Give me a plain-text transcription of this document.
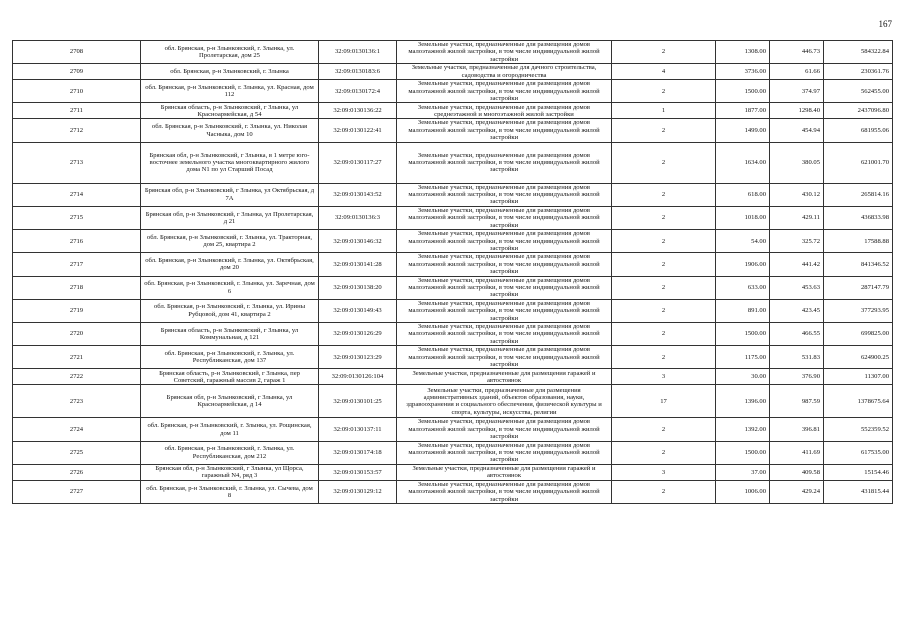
167
2708	обл. Брянская, р-н Злынковский, г. Злынка, ул. Пролетарская, дом 25	32:09:0130136:1	Земельные участки, предназначенные для размещения домов малоэтажной жилой застройки, в том числе индивидуальной жилой застройки	2	1308.00	446.73	584322.84
2709	обл. Брянская, р-н Злынковский, г. Злынка	32:09:0130183:6	Земельные участки, предназначенные для дачного строительства, садоводства и огородничества	4	3736.00	61.66	230361.76
2710	обл. Брянская, р-н Злынковский, г. Злынка, ул. Красная, дом 112	32:09:0130172:4	Земельные участки, предназначенные для размещения домов малоэтажной жилой застройки, в том числе индивидуальной жилой застройки	2	1500.00	374.97	562455.00
2711	Брянская область, р-н Злынковский, г Злынка, ул Красноармейская, д 54	32:09:0130136:22	Земельные участки, предназначенные для размещения домов среднеэтажной и многоэтажной жилой застройки	1	1877.00	1298.40	2437096.80
2712	обл. Брянская, р-н Злынковский, г. Злынка, ул. Николая Часныка, дом 10	32:09:0130122:41	Земельные участки, предназначенные для размещения домов малоэтажной жилой застройки, в том числе индивидуальной жилой застройки	2	1499.00	454.94	681955.06
2713	Брянская обл, р-н Злынковский, г Злынка, в 1 метре юго-восточнее земельного участка многоквартирного жилого дома N1 по ул Старший Посад	32:09:0130117:27	Земельные участки, предназначенные для размещения домов малоэтажной жилой застройки, в том числе индивидуальной жилой застройки	2	1634.00	380.05	621001.70
2714	Брянская обл, р-н Злынковский, г Злынка, ул Октябрьская, д 7А	32:09:0130143:52	Земельные участки, предназначенные для размещения домов малоэтажной жилой застройки, в том числе индивидуальной жилой застройки	2	618.00	430.12	265814.16
2715	Брянская обл, р-н Злынковский, г Злынка, ул Пролетарская, д 21	32:09:0130136:3	Земельные участки, предназначенные для размещения домов малоэтажной жилой застройки, в том числе индивидуальной жилой застройки	2	1018.00	429.11	436833.98
2716	обл. Брянская, р-н Злынковский, г. Злынка, ул. Тракторная, дом 25, квартира 2	32:09:0130146:32	Земельные участки, предназначенные для размещения домов малоэтажной жилой застройки, в том числе индивидуальной жилой застройки	2	54.00	325.72	17588.88
2717	обл. Брянская, р-н Злынковский, г. Злынка, ул. Октябрьская, дом 20	32:09:0130141:28	Земельные участки, предназначенные для размещения домов малоэтажной жилой застройки, в том числе индивидуальной жилой застройки	2	1906.00	441.42	841346.52
2718	обл. Брянская, р-н Злынковский, г. Злынка, ул. Заречная, дом 6	32:09:0130138:20	Земельные участки, предназначенные для размещения домов малоэтажной жилой застройки, в том числе индивидуальной жилой застройки	2	633.00	453.63	287147.79
2719	обл. Брянская, р-н Злынковский, г. Злынка, ул. Ирины Рубцовой, дом 41, квартира 2	32:09:0130149:43	Земельные участки, предназначенные для размещения домов малоэтажной жилой застройки, в том числе индивидуальной жилой застройки	2	891.00	423.45	377293.95
2720	Брянская область, р-н Злынковский, г Злынка, ул Коммунальная, д 121	32:09:0130126:29	Земельные участки, предназначенные для размещения домов малоэтажной жилой застройки, в том числе индивидуальной жилой застройки	2	1500.00	466.55	699825.00
2721	обл. Брянская, р-н Злынковский, г. Злынка, ул. Республиканская, дом 137	32:09:0130123:29	Земельные участки, предназначенные для размещения домов малоэтажной жилой застройки, в том числе индивидуальной жилой застройки	2	1175.00	531.83	624900.25
2722	Брянская область, р-н Злынковский, г Злынка, пер Советский, гаражный массив 2, гараж 1	32:09:0130126:104	Земельные участки, предназначенные для размещения гаражей и автостоянок	3	30.00	376.90	11307.00
2723	Брянская обл, р-н Злынковский, г Злынка, ул Красноармейская, д 14	32:09:0130101:25	Земельные участки, предназначенные для размещения административных зданий, объектов образования, науки, здравоохранения и социального обеспечения, физической культуры и спорта, культуры, искусства, религии	17	1396.00	987.59	1378675.64
2724	обл. Брянская, р-н Злынковский, г. Злынка, ул. Рощинская, дом 11	32:09:0130137:11	Земельные участки, предназначенные для размещения домов малоэтажной жилой застройки, в том числе индивидуальной жилой застройки	2	1392.00	396.81	552359.52
2725	обл. Брянская, р-н Злынковский, г. Злынка, ул. Республиканская, дом 212	32:09:0130174:18	Земельные участки, предназначенные для размещения домов малоэтажной жилой застройки, в том числе индивидуальной жилой застройки	2	1500.00	411.69	617535.00
2726	Брянская обл, р-н Злынковский, г Злынка, ул Щорса, гаражный N4, ряд 3	32:09:0130153:57	Земельные участки, предназначенные для размещения гаражей и автостоянок	3	37.00	409.58	15154.46
2727	обл. Брянская, р-н Злынковский, г. Злынка, ул. Сычева, дом 8	32:09:0130129:12	Земельные участки, предназначенные для размещения домов малоэтажной жилой застройки, в том числе индивидуальной жилой застройки	2	1006.00	429.24	431815.44
